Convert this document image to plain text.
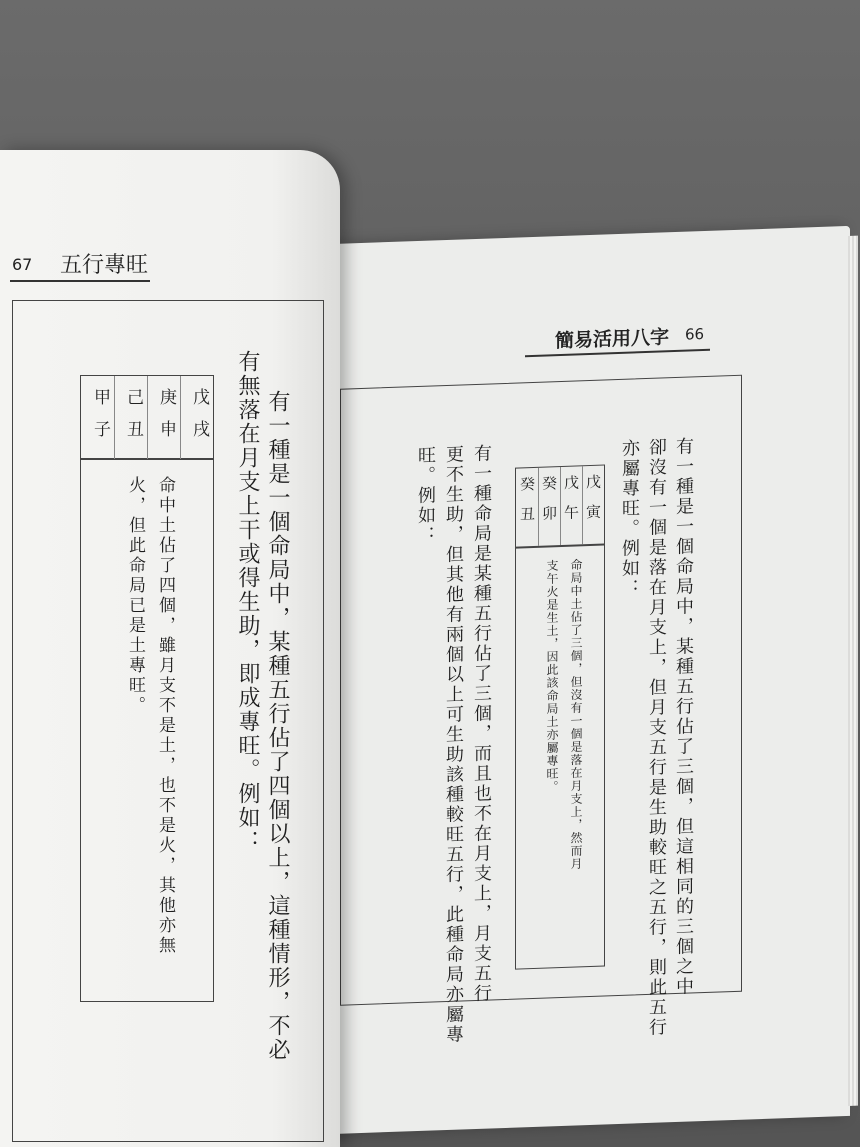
簡易活用八字 66
有一種是一個命局中，某種五行佔了三個，但這相同的三個之中
卻沒有一個是落在月支上，但月支五行是生助較旺之五行，則此五行
亦屬專旺。例如：
戊
寅
戊
午
癸
卯
癸
丑
命局中土佔了三個，但沒有一個是落在月支上，然而月
支午火是生土，因此該命局土亦屬專旺。
有一種命局是某種五行佔了三個，而且也不在月支上，月支五行
更不生助，但其他有兩個以上可生助該種較旺五行，此種命局亦屬專
旺。例如：
67 五行專旺
有一種是一個命局中，某種五行佔了四個以上，這種情形，不必
有無落在月支上干或得生助，即成專旺。例如：
戊
戌
庚
申
己
丑
甲
子
命中土佔了四個，雖月支不是土，也不是火，其他亦無
火，但此命局已是土專旺。
